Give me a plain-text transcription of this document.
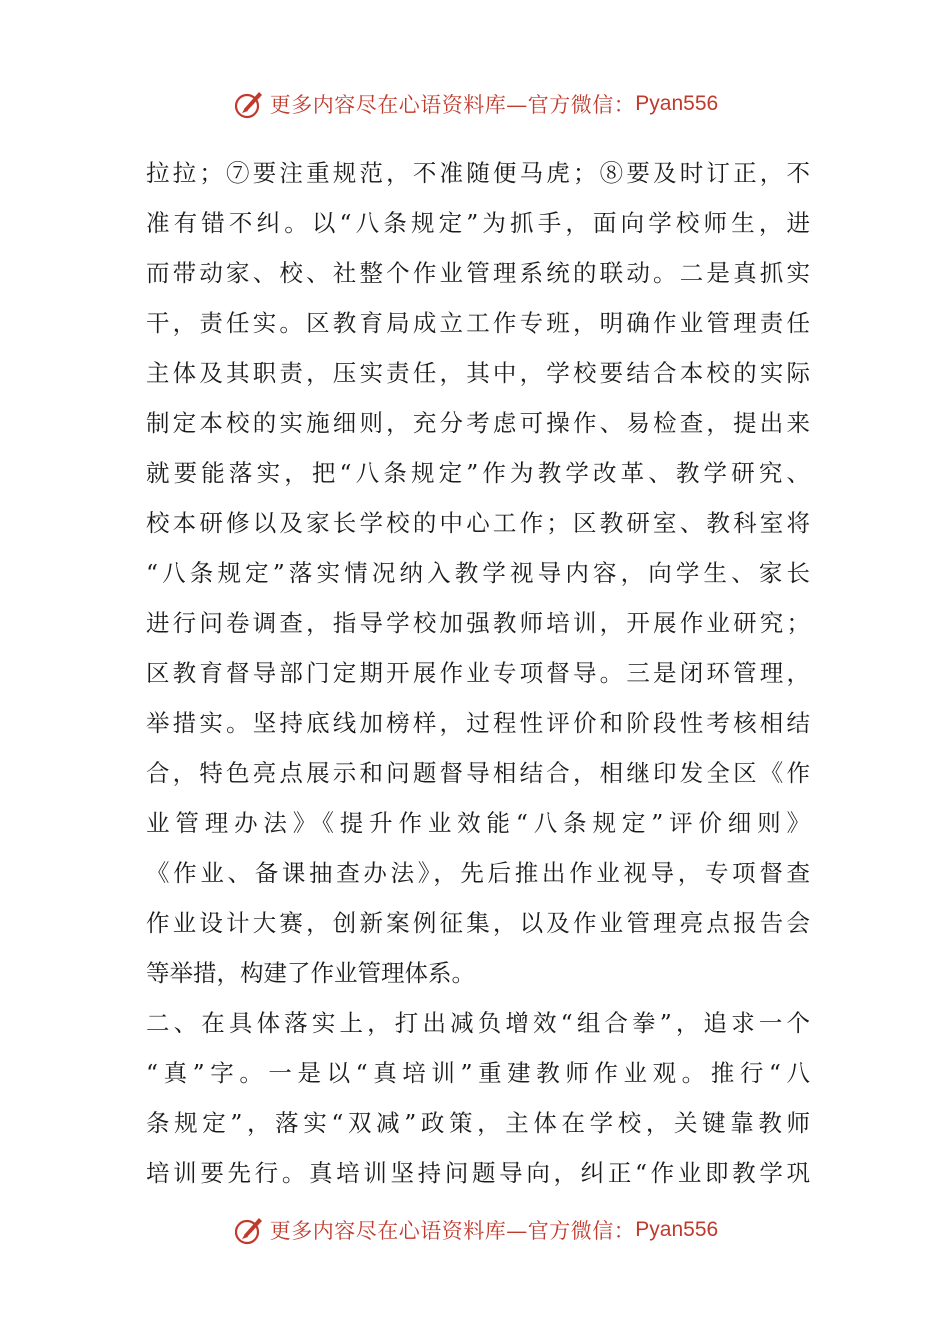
更多内容尽在心语资料库—官方微信： Pyan556
拉拉；⑦要注重规范，不准随便马虎；⑧要及时订正，不
准有错不纠。以“八条规定”为抓手，面向学校师生，进
而带动家、校、社整个作业管理系统的联动。二是真抓实
干，责任实。区教育局成立工作专班，明确作业管理责任
主体及其职责，压实责任，其中，学校要结合本校的实际
制定本校的实施细则，充分考虑可操作、易检查，提出来
就要能落实，把“八条规定”作为教学改革、教学研究、
校本研修以及家长学校的中心工作；区教研室、教科室将
“八条规定”落实情况纳入教学视导内容，向学生、家长
进行问卷调查，指导学校加强教师培训，开展作业研究；
区教育督导部门定期开展作业专项督导。三是闭环管理，
举措实。坚持底线加榜样，过程性评价和阶段性考核相结
合，特色亮点展示和问题督导相结合，相继印发全区《作
业管理办法》《提升作业效能“八条规定”评价细则》
《作业、备课抽查办法》，先后推出作业视导，专项督查
作业设计大赛，创新案例征集，以及作业管理亮点报告会
等举措，构建了作业管理体系。
二、在具体落实上，打出减负增效“组合拳”，追求一个
“真”字。一是以“真培训”重建教师作业观。推行“八
条规定”，落实“双减”政策，主体在学校，关键靠教师
培训要先行。真培训坚持问题导向，纠正“作业即教学巩
更多内容尽在心语资料库—官方微信： Pyan556
